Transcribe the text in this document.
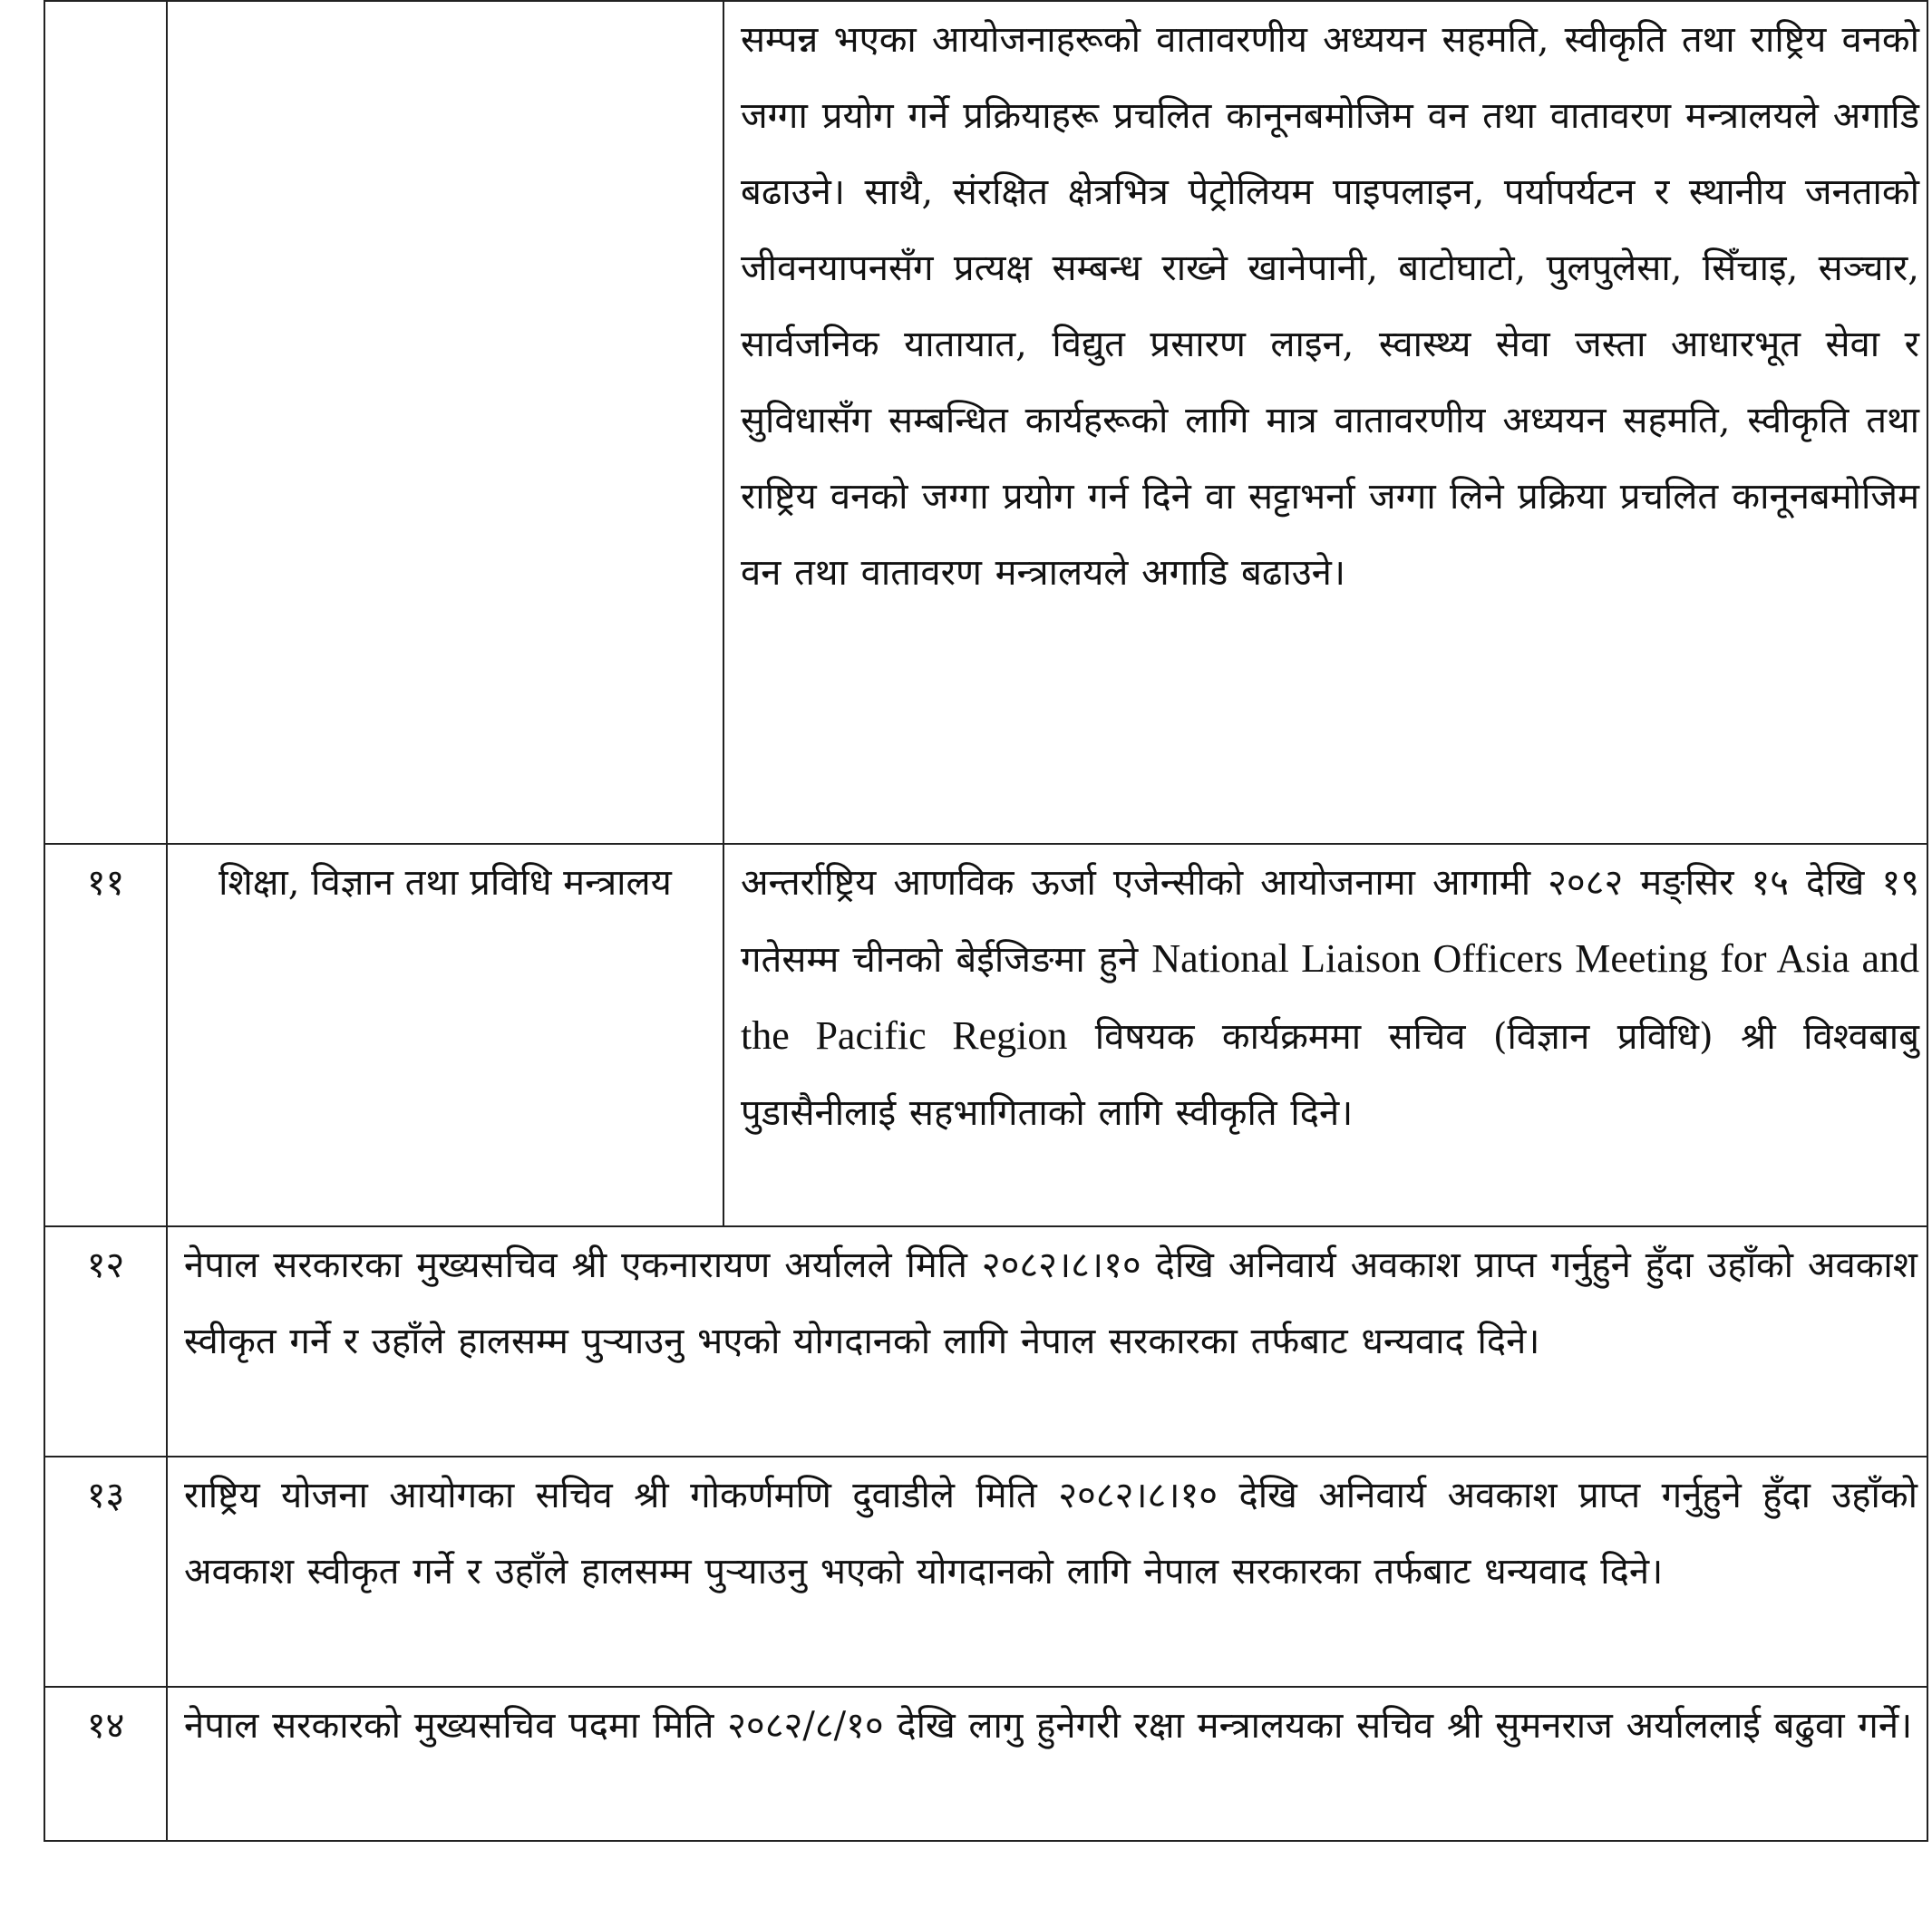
		सम्पन्न भएका आयोजनाहरूको वातावरणीय अध्ययन सहमति, स्वीकृति तथा राष्ट्रिय वनको जग्गा प्रयोग गर्ने प्रक्रियाहरू प्रचलित कानूनबमोजिम वन तथा वातावरण मन्त्रालयले अगाडि बढाउने। साथै, संरक्षित क्षेत्रभित्र पेट्रोलियम पाइपलाइन, पर्यापर्यटन र स्थानीय जनताको जीवनयापनसँग प्रत्यक्ष सम्बन्ध राख्ने खानेपानी, बाटोघाटो, पुलपुलेसा, सिँचाइ, सञ्चार, सार्वजनिक यातायात, विद्युत प्रसारण लाइन, स्वास्थ्य सेवा जस्ता आधारभूत सेवा र सुविधासँग सम्बन्धित कार्यहरूको लागि मात्र वातावरणीय अध्ययन सहमति, स्वीकृति तथा राष्ट्रिय वनको जग्गा प्रयोग गर्न दिने वा सट्टाभर्ना जग्गा लिने प्रक्रिया प्रचलित कानूनबमोजिम वन तथा वातावरण मन्त्रालयले अगाडि बढाउने।

११	शिक्षा, विज्ञान तथा प्रविधि मन्त्रालय	अन्तर्राष्ट्रिय आणविक ऊर्जा एजेन्सीको आयोजनामा आगामी २०८२ मङ्सिर १५ देखि १९ गतेसम्म चीनको बेईजिङमा हुने National Liaison Officers Meeting for Asia and the Pacific Region विषयक कार्यक्रममा सचिव (विज्ञान प्रविधि) श्री विश्वबाबु पुडासैनीलाई सहभागिताको लागि स्वीकृति दिने।

१२	नेपाल सरकारका मुख्यसचिव श्री एकनारायण अर्यालले मिति २०८२।८।१० देखि अनिवार्य अवकाश प्राप्त गर्नुहुने हुँदा उहाँको अवकाश स्वीकृत गर्ने र उहाँले हालसम्म पुऱ्याउनु भएको योगदानको लागि नेपाल सरकारका तर्फबाट धन्यवाद दिने।	

१३	राष्ट्रिय योजना आयोगका सचिव श्री गोकर्णमणि दुवाडीले मिति २०८२।८।१० देखि अनिवार्य अवकाश प्राप्त गर्नुहुने हुँदा उहाँको अवकाश स्वीकृत गर्ने र उहाँले हालसम्म पुऱ्याउनु भएको योगदानको लागि नेपाल सरकारका तर्फबाट धन्यवाद दिने।	

१४	नेपाल सरकारको मुख्यसचिव पदमा मिति २०८२/८/१० देखि लागु हुनेगरी रक्षा मन्त्रालयका सचिव श्री सुमनराज अर्याललाई बढुवा गर्ने।	
